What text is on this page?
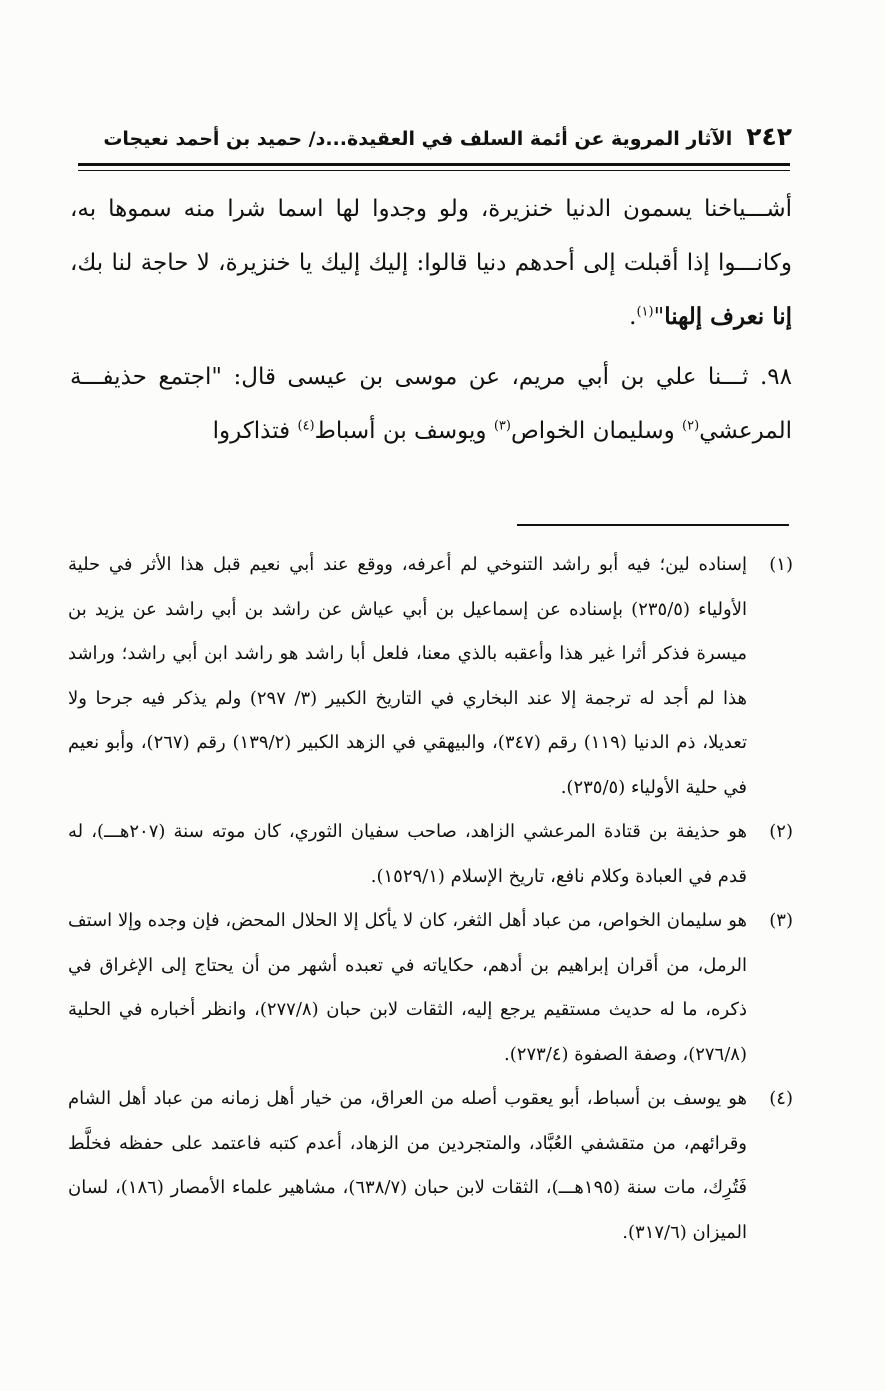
٢٤٢
الآثار المروية عن أئمة السلف في العقيدة...د/ حميد بن أحمد نعيجات

أشـــياخنا يسمون الدنيا خنزيرة، ولو وجدوا لها اسما شرا منه سموها به، وكانـــوا إذا أقبلت إلى أحدهم دنيا قالوا: إليك إليك يا خنزيرة، لا حاجة لنا بك، إنا نعرف إلهنا"$^{(١)}$.

٩٨. ثـــنا علي بن أبي مريم، عن موسى بن عيسى قال: "اجتمع حذيفـــة المرعشي$^{(٢)}$ وسليمان الخواص$^{(٣)}$ ويوسف بن أسباط$^{(٤)}$ فتذاكروا

(١)
إسناده لين؛ فيه أبو راشد التنوخي لم أعرفه، ووقع عند أبي نعيم قبل هذا الأثر في حلية الأولياء (٢٣٥/٥) بإسناده عن إسماعيل بن أبي عياش عن راشد بن أبي راشد عن يزيد بن ميسرة فذكر أثرا غير هذا وأعقبه بالذي معنا، فلعل أبا راشد هو راشد ابن أبي راشد؛ وراشد هذا لم أجد له ترجمة إلا عند البخاري في التاريخ الكبير (٣/ ٢٩٧) ولم يذكر فيه جرحا ولا تعديلا، ذم الدنيا (١١٩) رقم (٣٤٧)، والبيهقي في الزهد الكبير (١٣٩/٢) رقم (٢٦٧)، وأبو نعيم في حلية الأولياء (٢٣٥/٥).
(٢)
هو حذيفة بن قتادة المرعشي الزاهد، صاحب سفيان الثوري، كان موته سنة (٢٠٧هـــ)، له قدم في العبادة وكلام نافع، تاريخ الإسلام (١٥٢٩/١).
(٣)
هو سليمان الخواص، من عباد أهل الثغر، كان لا يأكل إلا الحلال المحض، فإن وجده وإلا استف الرمل، من أقران إبراهيم بن أدهم، حكاياته في تعبده أشهر من أن يحتاج إلى الإغراق في ذكره، ما له حديث مستقيم يرجع إليه، الثقات لابن حبان (٢٧٧/٨)، وانظر أخباره في الحلية (٢٧٦/٨)، وصفة الصفوة (٢٧٣/٤).
(٤)
هو يوسف بن أسباط، أبو يعقوب أصله من العراق، من خيار أهل زمانه من عباد أهل الشام وقرائهم، من متقشفي العُبَّاد، والمتجردين من الزهاد، أعدم كتبه فاعتمد على حفظه فخلَّط فَتُرِك، مات سنة (١٩٥هـــ)، الثقات لابن حبان (٦٣٨/٧)، مشاهير علماء الأمصار (١٨٦)، لسان الميزان (٣١٧/٦).
